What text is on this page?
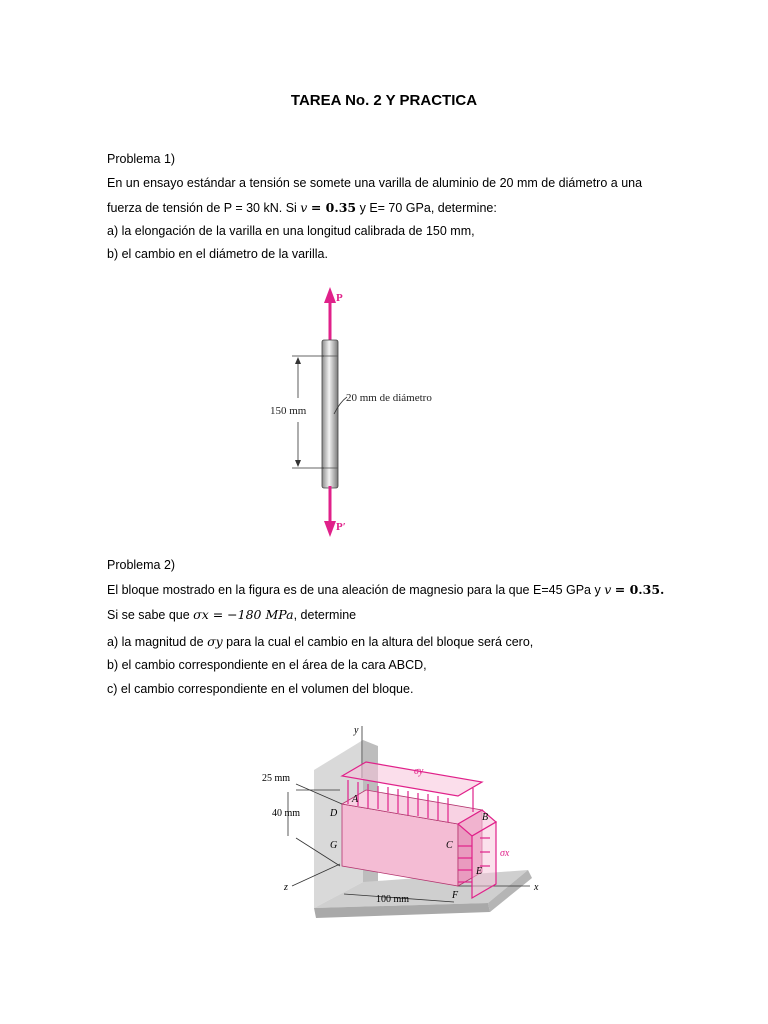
TAREA No. 2 Y PRACTICA
Problema 1)
En un ensayo estándar a tensión se somete una varilla de aluminio de 20 mm de diámetro a una
fuerza de tensión de P = 30 kN. Si v = 0.35 y E= 70 GPa, determine:
a) la elongación de la varilla en una longitud calibrada de 150 mm,
b) el cambio en el diámetro de la varilla.
P
P′
150 mm
20 mm de diámetro
Problema 2)
El bloque mostrado en la figura es de una aleación de magnesio para la que E=45 GPa y v = 0.35.
Si se sabe que σx = −180 MPa, determine
a) la magnitud de σy para la cual el cambio en la altura del bloque será cero,
b) el cambio correspondiente en el área de la cara ABCD,
c) el cambio correspondiente en el volumen del bloque.
y
x
z
σy
σx
A
B
C
D
E
F
G
25 mm
40 mm
100 mm
